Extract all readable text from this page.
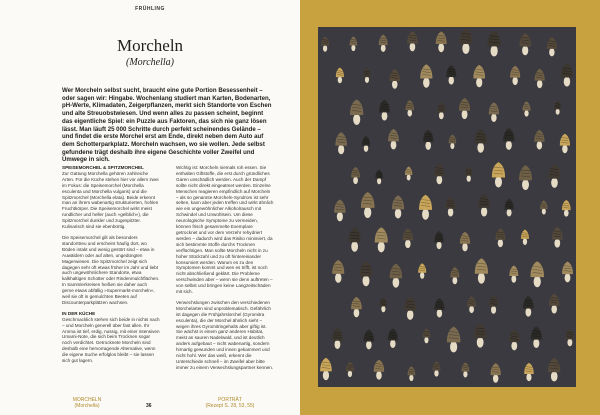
FRÜHLING
Morcheln
(Morchella)
Wer Morcheln selbst sucht, braucht eine gute Portion Besessenheit – oder sagen wir: Hingabe. Wochenlang studiert man Karten, Bodenarten, pH-Werte, Klimadaten, Zeigerpflanzen, merkt sich Standorte von Eschen und alte Streuobstwiesen. Und wenn alles zu passen scheint, beginnt das eigentliche Spiel: ein Puzzle aus Faktoren, das sich nie ganz lösen lässt. Man läuft 25 000 Schritte durch perfekt scheinendes Gelände – und findet die erste Morchel erst am Ende, direkt neben dem Auto auf dem Schotterparkplatz. Morcheln wachsen, wo sie wollen. Jede selbst gefundene trägt deshalb ihre eigene Geschichte voller Zweifel und Umwege in sich.
SPEISEMORCHEL & SPITZMORCHEL

Zur Gattung Morchella gehören zahlreiche Arten. Für die Küche stehen hier vor allem zwei im Fokus: die Speisemorchel (Morchella esculenta und Morchella vulgaris) und die Spitzmorchel (Morchella elata). Beide erkennt man an ihrem wabenartig strukturierten, hohlen Fruchtkörper. Die Speisemorchel wirkt meist rundlicher und heller (auch »gelblich«), die Spitzmorchel dunkler und zugespitzter. Kulinarisch sind sie ebenbürtig.

Die Speisemorchel gilt als besonders standorttreu und erscheint häufig dort, wo Böden intakt und wenig gestört sind – etwa in Auwäldern oder auf alten, ungedüngten Magerwiesen. Die Spitzmorchel zeigt sich dagegen sehr oft etwas früher im Jahr und liebt auch ungewöhnlichere Standorte, etwa kalkhaltigen Schotter oder Rindenmulchflächen. In Sammlerkreisen heißen sie daher auch gerne etwas abfällig »Supermarkt-morcheln«, weil sie oft in gemulchten Beeten auf Discounterparkplätzen wachsen.

IN DER KÜCHE

Geschmacklich stehen sich beide in nichts nach – und Morcheln generell über fast allen. Ihr Aroma ist tief, erdig, nussig, mit einer intensiven Umami-Note, die sich beim Trocknen sogar noch verdichtet. Getrocknete Morcheln sind deshalb eine hervorragende Alternative, wenn die eigene Suche erfolglos bleibt – sie lassen sich gut lagern.

Wichtig ist: Morcheln niemals roh essen. Sie enthalten Giftstoffe, die erst durch gründliches Garen unschädlich werden. Auch der Dampf sollte nicht direkt eingeatmet werden. Einzelne Menschen reagieren empfindlich auf Morcheln – als so genannte Morcheln-Syndrom ist sehr selten, kann aber jeden treffen und wirkt ähnlich wie ein ungewöhnlicher Alkoholrausch mit Schwindel und Unwohlsein. Um diese neurologische Symptome zu vermeiden, können frisch gesammelte Exemplare getrocknet und vor dem Verzehr rehydriert werden – dadurch wird das Risiko minimiert, da sich bestimmte Stoffe durchs Trocknen verflüchtigen. Man sollte Morcheln nicht in zu hoher Stückzahl und zu oft hintereinander konsumiert werden. Warum es zu den Symptomen kommt und wen es trifft, ist noch nicht abschließend geklärt. Die Probleme verschwinden aber – wenn sie denn auftreten – von selbst und bringen keine Langzeitschäden mit sich.

Verwechslungen zwischen den verschiedenen Morchelarten sind unproblematisch. Gefährlich ist dagegen die Frühjahrslorchel (Gyromitra esculenta), die der Morchel ähnlich sieht – wegen ihres Gyromitringehalts aber giftig ist. Sie wächst in einem ganz anderen Habitat, meist an sauren Nadelwald, und ist deutlich anders aufgebaut – nicht wabenartig, sondern hirnartig gewunden und innen gekammert und nicht hohl. Wer das weiß, erkennt die Unterschiede schnell – im Zweifel aber bitte immer zu einem Verwechslungspartner kennen.

MORCHELN
(Morchella)	36
PORTRÄT
(Rezept S. 28, 53, 55)
